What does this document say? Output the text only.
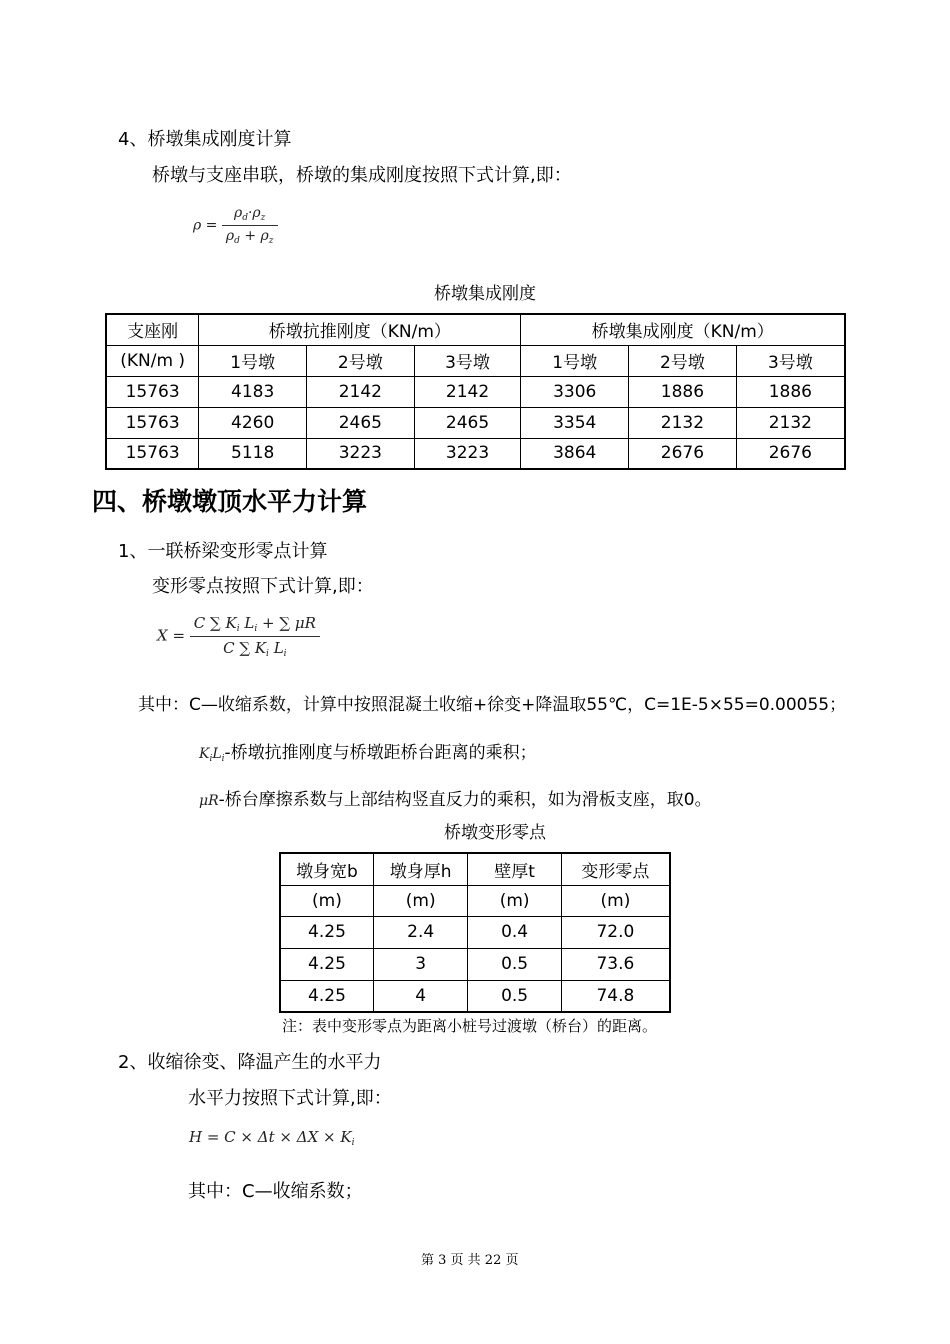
4、桥墩集成刚度计算
桥墩与支座串联，桥墩的集成刚度按照下式计算,即：
$\rho = \frac{\rho_d\cdot\rho_z}{\rho_d + \rho_z}$
桥墩集成刚度
支座刚	桥墩抗推刚度（KN/m）			桥墩集成刚度（KN/m）		
(KN/m )	1号墩	2号墩	3号墩	1号墩	2号墩	3号墩
15763	4183	2142	2142	3306	1886	1886
15763	4260	2465	2465	3354	2132	2132
15763	5118	3223	3223	3864	2676	2676
四、桥墩墩顶水平力计算
1、一联桥梁变形零点计算
变形零点按照下式计算,即：
$X = \frac{C \sum K_i L_i + \sum \mu R}{C \sum K_i L_i}$
其中：C—收缩系数，计算中按照混凝土收缩+徐变+降温取55℃，C=1E-5×55=0.00055；
$K_iL_i-$桥墩抗推刚度与桥墩距桥台距离的乘积；
μR-桥台摩擦系数与上部结构竖直反力的乘积，如为滑板支座，取0。
桥墩变形零点
墩身宽b	墩身厚h	壁厚t	变形零点
(m)	(m)	(m)	(m)
4.25	2.4	0.4	72.0
4.25	3	0.5	73.6
4.25	4	0.5	74.8
注：表中变形零点为距离小桩号过渡墩（桥台）的距离。
2、收缩徐变、降温产生的水平力
水平力按照下式计算,即：
$H = C \times \Delta t \times \Delta X \times K_i$
其中：C—收缩系数；
第 3 页 共 22 页
